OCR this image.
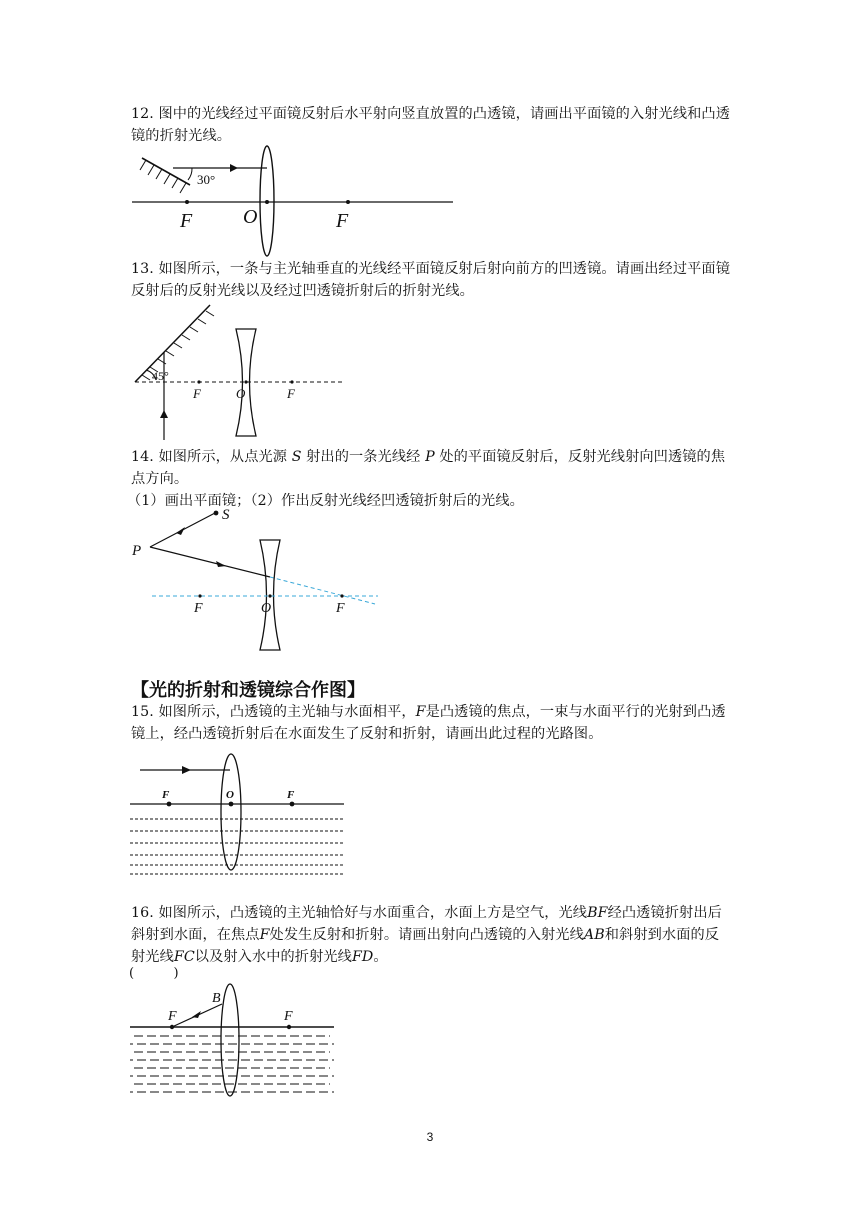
12. 图中的光线经过平面镜反射后水平射向竖直放置的凸透镜，请画出平面镜的入射光线和凸透镜的折射光线。

30°
F	O	F

13. 如图所示，一条与主光轴垂直的光线经平面镜反射后射向前方的凹透镜。请画出经过平面镜反射后的反射光线以及经过凹透镜折射后的折射光线。

45°
F	O	F

14. 如图所示，从点光源 S 射出的一条光线经 P 处的平面镜反射后，反射光线射向凹透镜的焦点方向。

（1）画出平面镜；（2）作出反射光线经凹透镜折射后的光线。

S
P
F	O	F

【光的折射和透镜综合作图】

15. 如图所示，凸透镜的主光轴与水面相平，F是凸透镜的焦点，一束与水面平行的光射到凸透镜上，经凸透镜折射后在水面发生了反射和折射，请画出此过程的光路图。

F	O	F

16. 如图所示，凸透镜的主光轴恰好与水面重合，水面上方是空气，光线BF经凸透镜折射出后斜射到水面，在焦点F处发生反射和折射。请画出射向凸透镜的入射光线AB和斜射到水面的反射光线FC以及射入水中的折射光线FD。

(　　　)

B
F	F
3
